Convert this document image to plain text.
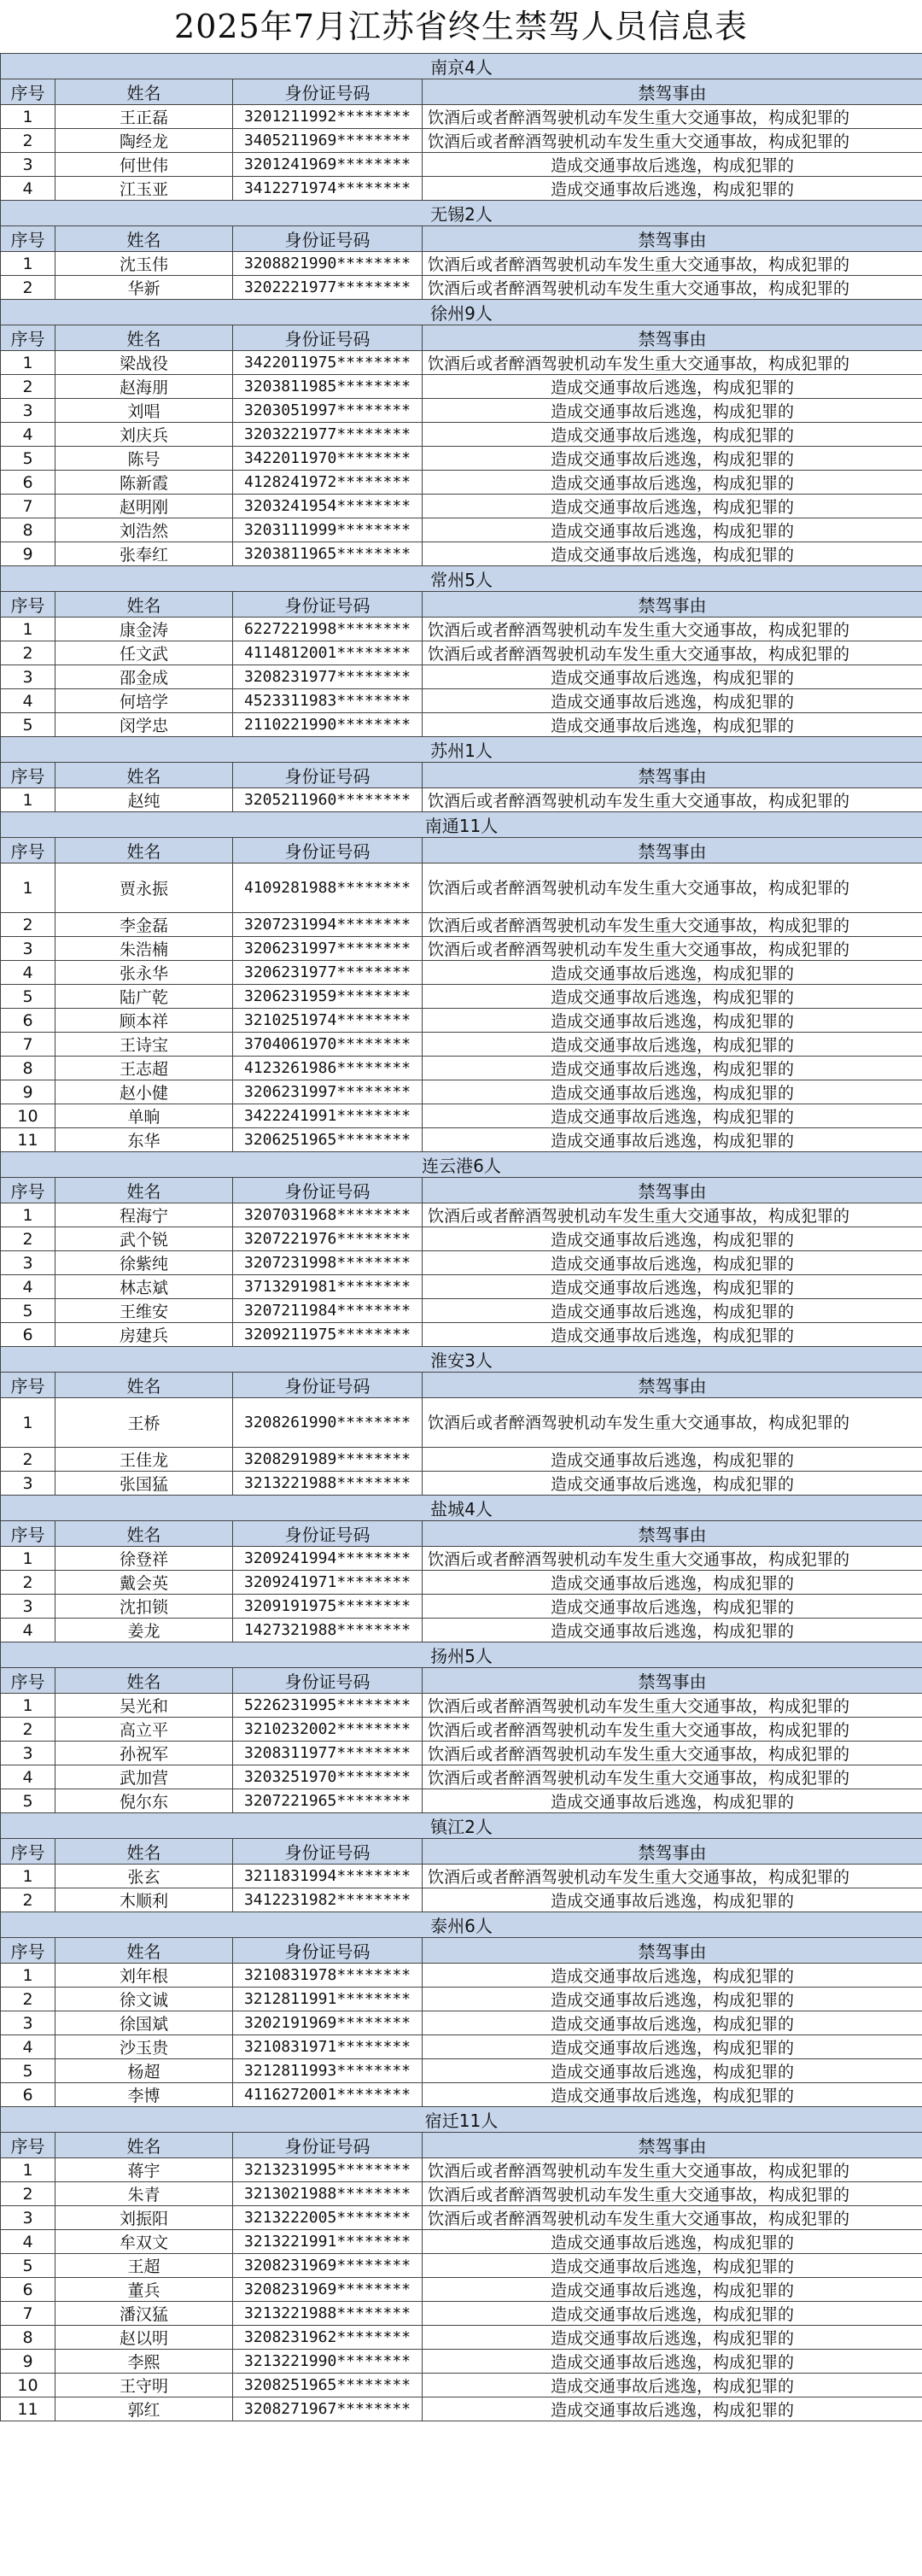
2025年7月江苏省终生禁驾人员信息表
南京4人			
序号	姓名	身份证号码	禁驾事由
1	王正磊	3201211992********	饮酒后或者醉酒驾驶机动车发生重大交通事故，构成犯罪的
2	陶经龙	3405211969********	饮酒后或者醉酒驾驶机动车发生重大交通事故，构成犯罪的
3	何世伟	3201241969********	造成交通事故后逃逸，构成犯罪的
4	江玉亚	3412271974********	造成交通事故后逃逸，构成犯罪的
无锡2人			
序号	姓名	身份证号码	禁驾事由
1	沈玉伟	3208821990********	饮酒后或者醉酒驾驶机动车发生重大交通事故，构成犯罪的
2	华新	3202221977********	饮酒后或者醉酒驾驶机动车发生重大交通事故，构成犯罪的
徐州9人			
序号	姓名	身份证号码	禁驾事由
1	梁战役	3422011975********	饮酒后或者醉酒驾驶机动车发生重大交通事故，构成犯罪的
2	赵海朋	3203811985********	造成交通事故后逃逸，构成犯罪的
3	刘唱	3203051997********	造成交通事故后逃逸，构成犯罪的
4	刘庆兵	3203221977********	造成交通事故后逃逸，构成犯罪的
5	陈号	3422011970********	造成交通事故后逃逸，构成犯罪的
6	陈新霞	4128241972********	造成交通事故后逃逸，构成犯罪的
7	赵明刚	3203241954********	造成交通事故后逃逸，构成犯罪的
8	刘浩然	3203111999********	造成交通事故后逃逸，构成犯罪的
9	张奉红	3203811965********	造成交通事故后逃逸，构成犯罪的
常州5人			
序号	姓名	身份证号码	禁驾事由
1	康金涛	6227221998********	饮酒后或者醉酒驾驶机动车发生重大交通事故，构成犯罪的
2	任文武	4114812001********	饮酒后或者醉酒驾驶机动车发生重大交通事故，构成犯罪的
3	邵金成	3208231977********	造成交通事故后逃逸，构成犯罪的
4	何培学	4523311983********	造成交通事故后逃逸，构成犯罪的
5	闵学忠	2110221990********	造成交通事故后逃逸，构成犯罪的
苏州1人			
序号	姓名	身份证号码	禁驾事由
1	赵纯	3205211960********	饮酒后或者醉酒驾驶机动车发生重大交通事故，构成犯罪的
南通11人			
序号	姓名	身份证号码	禁驾事由
1	贾永振	4109281988********	饮酒后或者醉酒驾驶机动车发生重大交通事故，构成犯罪的
2	李金磊	3207231994********	饮酒后或者醉酒驾驶机动车发生重大交通事故，构成犯罪的
3	朱浩楠	3206231997********	饮酒后或者醉酒驾驶机动车发生重大交通事故，构成犯罪的
4	张永华	3206231977********	造成交通事故后逃逸，构成犯罪的
5	陆广乾	3206231959********	造成交通事故后逃逸，构成犯罪的
6	顾本祥	3210251974********	造成交通事故后逃逸，构成犯罪的
7	王诗宝	3704061970********	造成交通事故后逃逸，构成犯罪的
8	王志超	4123261986********	造成交通事故后逃逸，构成犯罪的
9	赵小健	3206231997********	造成交通事故后逃逸，构成犯罪的
10	单晌	3422241991********	造成交通事故后逃逸，构成犯罪的
11	东华	3206251965********	造成交通事故后逃逸，构成犯罪的
连云港6人			
序号	姓名	身份证号码	禁驾事由
1	程海宁	3207031968********	饮酒后或者醉酒驾驶机动车发生重大交通事故，构成犯罪的
2	武个锐	3207221976********	造成交通事故后逃逸，构成犯罪的
3	徐紫纯	3207231998********	造成交通事故后逃逸，构成犯罪的
4	林志斌	3713291981********	造成交通事故后逃逸，构成犯罪的
5	王维安	3207211984********	造成交通事故后逃逸，构成犯罪的
6	房建兵	3209211975********	造成交通事故后逃逸，构成犯罪的
淮安3人			
序号	姓名	身份证号码	禁驾事由
1	王桥	3208261990********	饮酒后或者醉酒驾驶机动车发生重大交通事故，构成犯罪的
2	王佳龙	3208291989********	造成交通事故后逃逸，构成犯罪的
3	张国猛	3213221988********	造成交通事故后逃逸，构成犯罪的
盐城4人			
序号	姓名	身份证号码	禁驾事由
1	徐登祥	3209241994********	饮酒后或者醉酒驾驶机动车发生重大交通事故，构成犯罪的
2	戴会英	3209241971********	造成交通事故后逃逸，构成犯罪的
3	沈扣锁	3209191975********	造成交通事故后逃逸，构成犯罪的
4	姜龙	1427321988********	造成交通事故后逃逸，构成犯罪的
扬州5人			
序号	姓名	身份证号码	禁驾事由
1	吴光和	5226231995********	饮酒后或者醉酒驾驶机动车发生重大交通事故，构成犯罪的
2	高立平	3210232002********	饮酒后或者醉酒驾驶机动车发生重大交通事故，构成犯罪的
3	孙祝军	3208311977********	饮酒后或者醉酒驾驶机动车发生重大交通事故，构成犯罪的
4	武加营	3203251970********	饮酒后或者醉酒驾驶机动车发生重大交通事故，构成犯罪的
5	倪尔东	3207221965********	造成交通事故后逃逸，构成犯罪的
镇江2人			
序号	姓名	身份证号码	禁驾事由
1	张玄	3211831994********	饮酒后或者醉酒驾驶机动车发生重大交通事故，构成犯罪的
2	木顺利	3412231982********	造成交通事故后逃逸，构成犯罪的
泰州6人			
序号	姓名	身份证号码	禁驾事由
1	刘年根	3210831978********	造成交通事故后逃逸，构成犯罪的
2	徐文诚	3212811991********	造成交通事故后逃逸，构成犯罪的
3	徐国斌	3202191969********	造成交通事故后逃逸，构成犯罪的
4	沙玉贵	3210831971********	造成交通事故后逃逸，构成犯罪的
5	杨超	3212811993********	造成交通事故后逃逸，构成犯罪的
6	李博	4116272001********	造成交通事故后逃逸，构成犯罪的
宿迁11人			
序号	姓名	身份证号码	禁驾事由
1	蒋宇	3213231995********	饮酒后或者醉酒驾驶机动车发生重大交通事故，构成犯罪的
2	朱青	3213021988********	饮酒后或者醉酒驾驶机动车发生重大交通事故，构成犯罪的
3	刘振阳	3213222005********	饮酒后或者醉酒驾驶机动车发生重大交通事故，构成犯罪的
4	牟双文	3213221991********	造成交通事故后逃逸，构成犯罪的
5	王超	3208231969********	造成交通事故后逃逸，构成犯罪的
6	董兵	3208231969********	造成交通事故后逃逸，构成犯罪的
7	潘汉猛	3213221988********	造成交通事故后逃逸，构成犯罪的
8	赵以明	3208231962********	造成交通事故后逃逸，构成犯罪的
9	李熙	3213221990********	造成交通事故后逃逸，构成犯罪的
10	王守明	3208251965********	造成交通事故后逃逸，构成犯罪的
11	郭红	3208271967********	造成交通事故后逃逸，构成犯罪的
